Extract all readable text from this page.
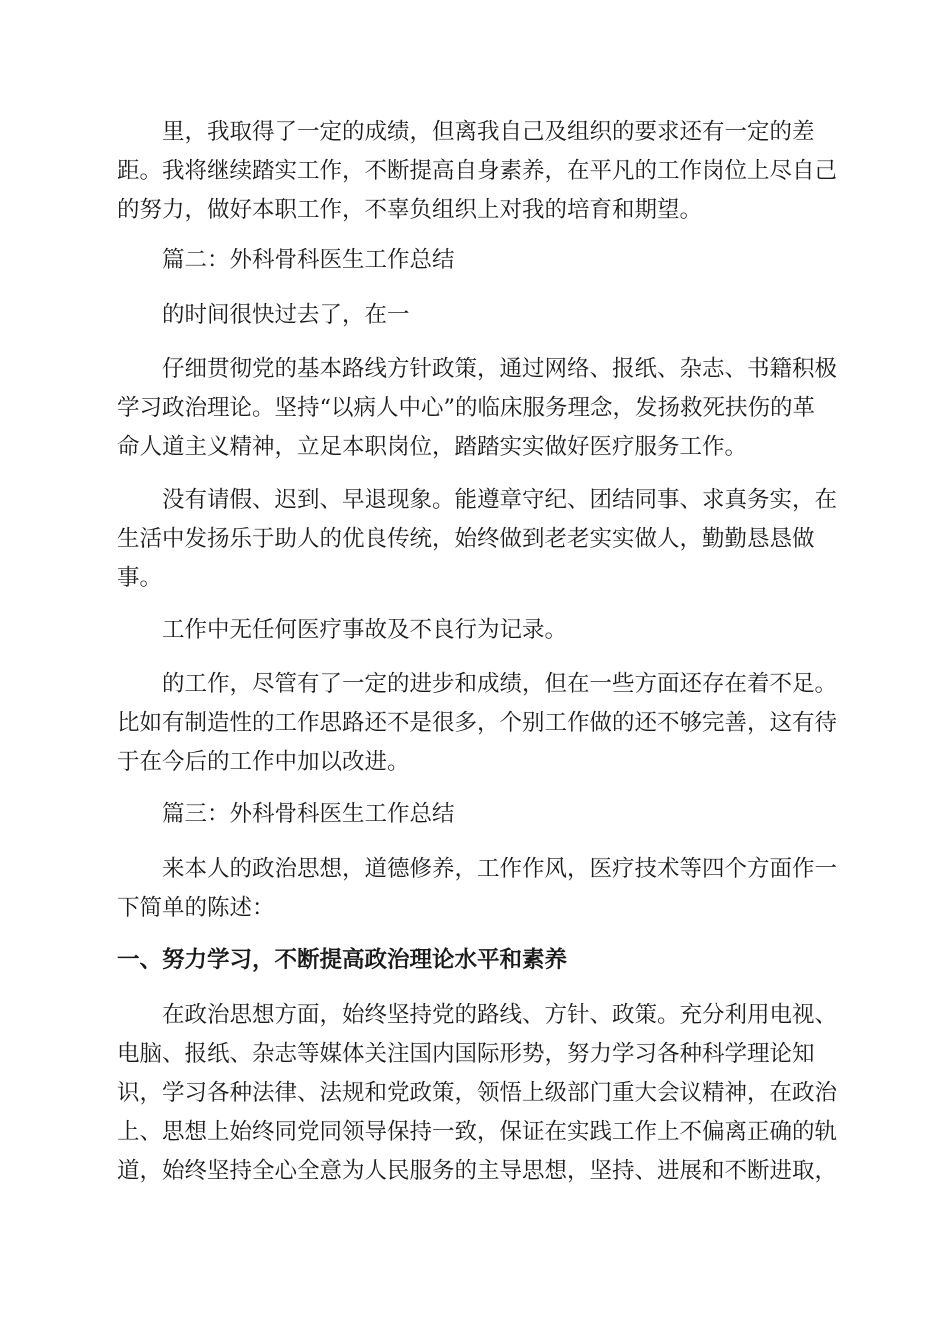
里，我取得了一定的成绩，但离我自己及组织的要求还有一定的差
距。我将继续踏实工作，不断提高自身素养，在平凡的工作岗位上尽自己
的努力，做好本职工作，不辜负组织上对我的培育和期望。
篇二：外科骨科医生工作总结
的时间很快过去了，在一
仔细贯彻党的基本路线方针政策，通过网络、报纸、杂志、书籍积极
学习政治理论。坚持“以病人中心”的临床服务理念，发扬救死扶伤的革
命人道主义精神，立足本职岗位，踏踏实实做好医疗服务工作。
没有请假、迟到、早退现象。能遵章守纪、团结同事、求真务实，在
生活中发扬乐于助人的优良传统，始终做到老老实实做人，勤勤恳恳做
事。
工作中无任何医疗事故及不良行为记录。
的工作，尽管有了一定的进步和成绩，但在一些方面还存在着不足。
比如有制造性的工作思路还不是很多，个别工作做的还不够完善，这有待
于在今后的工作中加以改进。
篇三：外科骨科医生工作总结
来本人的政治思想，道德修养，工作作风，医疗技术等四个方面作一
下简单的陈述：
一、努力学习，不断提高政治理论水平和素养
在政治思想方面，始终坚持党的路线、方针、政策。充分利用电视、
电脑、报纸、杂志等媒体关注国内国际形势，努力学习各种科学理论知
识，学习各种法律、法规和党政策，领悟上级部门重大会议精神，在政治
上、思想上始终同党同领导保持一致，保证在实践工作上不偏离正确的轨
道，始终坚持全心全意为人民服务的主导思想，坚持、进展和不断进取，
